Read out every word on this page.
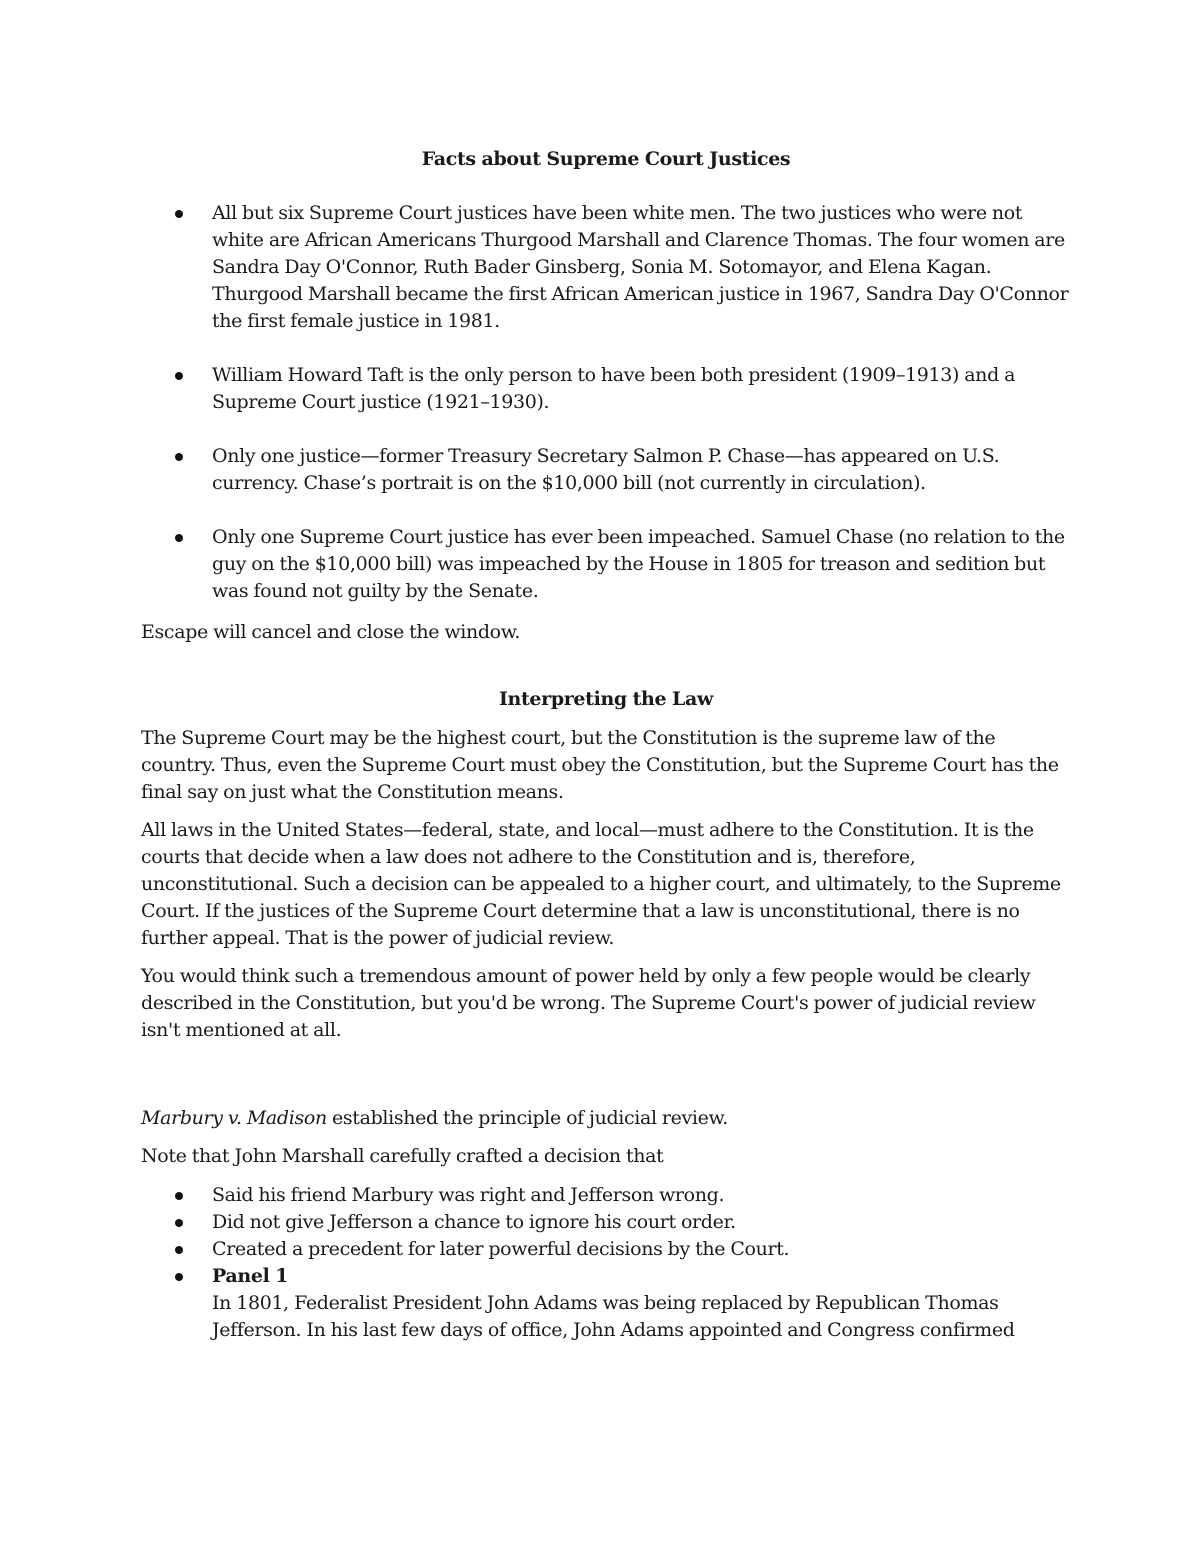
Facts about Supreme Court Justices

All but six Supreme Court justices have been white men. The two justices who were not white are African Americans Thurgood Marshall and Clarence Thomas. The four women are Sandra Day O'Connor, Ruth Bader Ginsberg, Sonia M. Sotomayor, and Elena Kagan. Thurgood Marshall became the first African American justice in 1967, Sandra Day O'Connor the first female justice in 1981.
William Howard Taft is the only person to have been both president (1909–1913) and a Supreme Court justice (1921–1930).
Only one justice—former Treasury Secretary Salmon P. Chase—has appeared on U.S. currency. Chase’s portrait is on the $10,000 bill (not currently in circulation).
Only one Supreme Court justice has ever been impeached. Samuel Chase (no relation to the guy on the $10,000 bill) was impeached by the House in 1805 for treason and sedition but was found not guilty by the Senate.

Escape will cancel and close the window.

Interpreting the Law

The Supreme Court may be the highest court, but the Constitution is the supreme law of the country. Thus, even the Supreme Court must obey the Constitution, but the Supreme Court has the final say on just what the Constitution means.

All laws in the United States—federal, state, and local—must adhere to the Constitution. It is the courts that decide when a law does not adhere to the Constitution and is, therefore, unconstitutional. Such a decision can be appealed to a higher court, and ultimately, to the Supreme Court. If the justices of the Supreme Court determine that a law is unconstitutional, there is no further appeal. That is the power of judicial review.

You would think such a tremendous amount of power held by only a few people would be clearly described in the Constitution, but you'd be wrong. The Supreme Court's power of judicial review isn't mentioned at all.

Marbury v. Madison established the principle of judicial review.

Note that John Marshall carefully crafted a decision that

Said his friend Marbury was right and Jefferson wrong.
Did not give Jefferson a chance to ignore his court order.
Created a precedent for later powerful decisions by the Court.
Panel 1
In 1801, Federalist President John Adams was being replaced by Republican Thomas Jefferson. In his last few days of office, John Adams appointed and Congress confirmed
